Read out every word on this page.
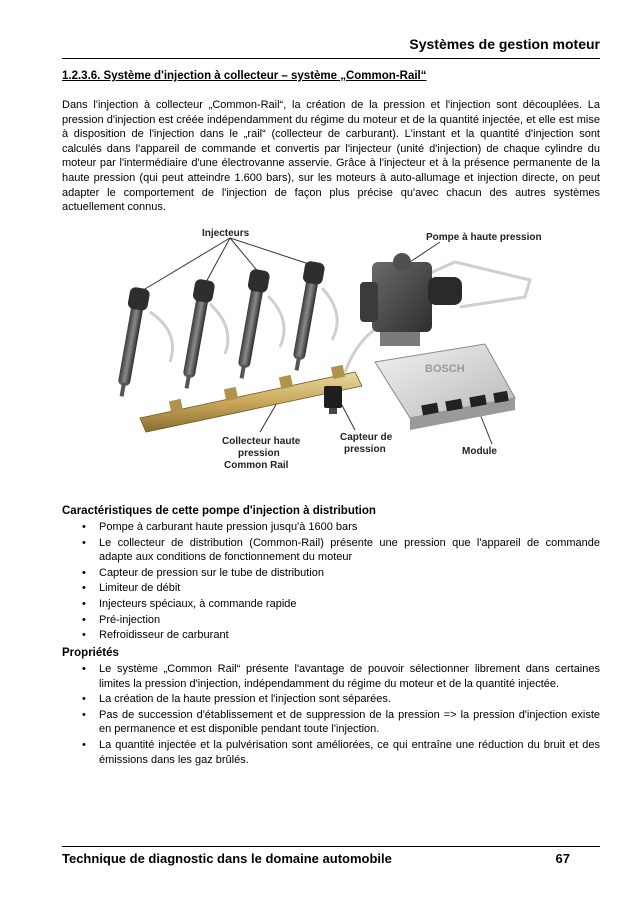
Systèmes de gestion moteur
1.2.3.6. Système d'injection à collecteur – système „Common-Rail“

Dans l'injection à collecteur „Common-Rail“, la création de la pression et l'injection sont découplées. La pression d'injection est créée indépendamment du régime du moteur et de la quantité injectée, et elle est mise à disposition de l'injection dans le „rail“ (collecteur de carburant). L'instant et la quantité d'injection sont calculés dans l'appareil de commande et convertis par l'injecteur (unité d'injection) de chaque cylindre du moteur par l'intermédiaire d'une électrovanne asservie. Grâce à l'injecteur et à la présence permanente de la haute pression (qui peut atteindre 1.600 bars), sur les moteurs à auto-allumage et injection directe, on peut adapter le comportement de l'injection de façon plus précise qu'avec chacun des autres systèmes actuellement connus.

BOSCH
Injecteurs	Pompe à haute pression
Collecteur haute
pression
Common Rail
Capteur de
pression	Module
Caractéristiques de cette pompe d'injection à distribution
• Pompe à carburant haute pression jusqu'à 1600 bars
• Le collecteur de distribution (Common-Rail) présente une pression que l'appareil de commande adapte aux conditions de fonctionnement du moteur
• Capteur de pression sur le tube de distribution
• Limiteur de débit
• Injecteurs spéciaux, à commande rapide
• Pré-injection
• Refroidisseur de carburant
Propriétés
• Le système „Common Rail“ présente l'avantage de pouvoir sélectionner librement dans certaines limites la pression d'injection, indépendamment du régime du moteur et de la quantité injectée.
• La création de la haute pression et l'injection sont séparées.
• Pas de succession d'établissement et de suppression de la pression => la pression d'injection existe en permanence et est disponible pendant toute l'injection.
• La quantité injectée et la pulvérisation sont améliorées, ce qui entraîne une réduction du bruit et des émissions dans les gaz brûlés.
Technique de diagnostic dans le domaine automobile	67
